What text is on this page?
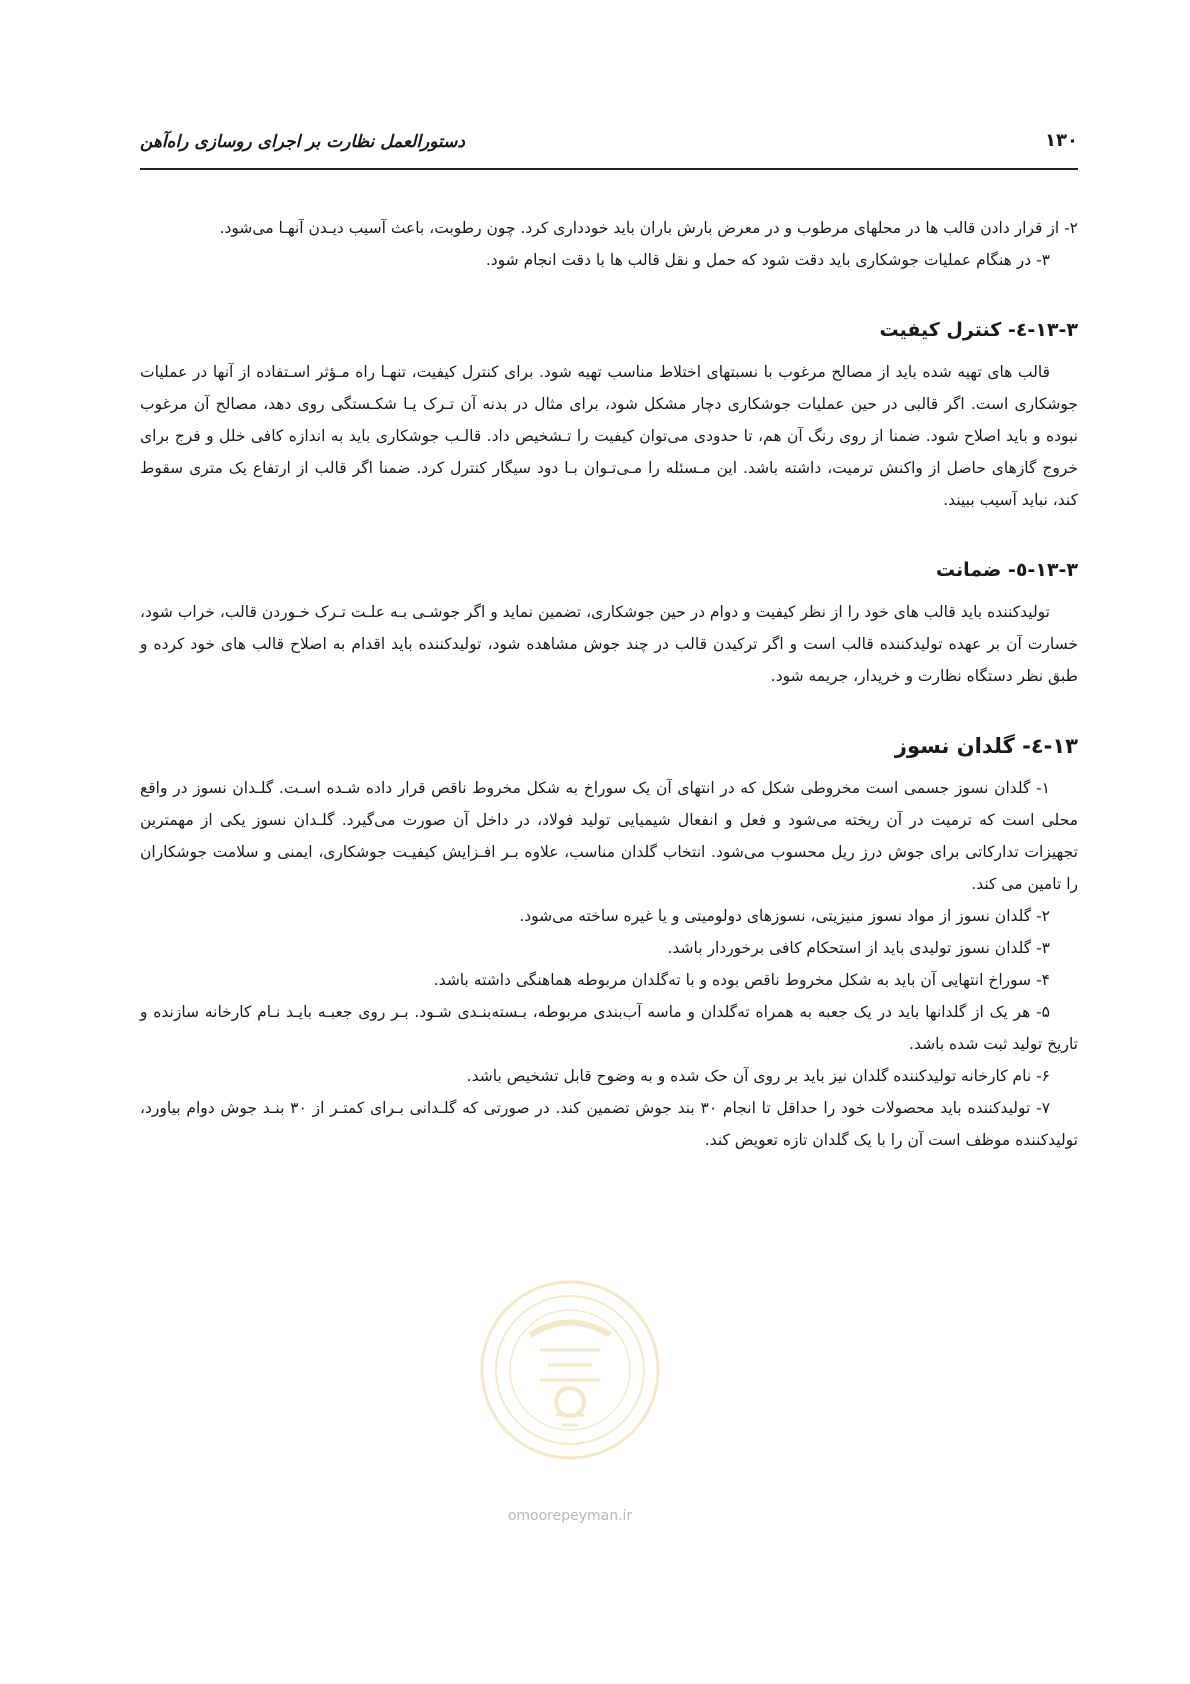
دستورالعمل نظارت بر اجرای روسازی راه‌آهن	۱۳۰

۲- از قرار دادن قالب ها در محلهای مرطوب و در معرض بارش باران باید خودداری کرد. چون رطوبت، باعث آسیب دیـدن آنهـا می‌شود.

۳- در هنگام عملیات جوشکاری باید دقت شود که حمل و نقل قالب ها با دقت انجام شود.

۱۳-۳-٤- کنترل کیفیت

قالب های تهیه شده باید از مصالح مرغوب با نسبتهای اختلاط مناسب تهیه شود. برای کنترل کیفیت، تنهـا راه مـؤثر اسـتفاده از آنها در عملیات جوشکاری است. اگر قالبی در حین عملیات جوشکاری دچار مشکل شود، برای مثال در بدنه آن تـرک یـا شکـستگی روی دهد، مصالح آن مرغوب نبوده و باید اصلاح شود. ضمنا از روی رنگ آن هم، تا حدودی می‌توان کیفیت را تـشخیص داد. قالـب جوشکاری باید به اندازه کافی خلل و فرج برای خروج گازهای حاصل از واکنش ترمیت، داشته باشد. این مـسئله را مـی‌تـوان بـا دود سیگار کنترل کرد. ضمنا اگر قالب از ارتفاع یک متری سقوط کند، نباید آسیب ببیند.

۱۳-۳-٥- ضمانت

تولیدکننده باید قالب های خود را از نظر کیفیت و دوام در حین جوشکاری، تضمین نماید و اگر جوشـی بـه علـت تـرک خـوردن قالب، خراب شود، خسارت آن بر عهده تولیدکننده قالب است و اگر ترکیدن قالب در چند جوش مشاهده شود، تولیدکننده باید اقدام به اصلاح قالب های خود کرده و طبق نظر دستگاه نظارت و خریدار، جریمه شود.

۱۳-٤- گلدان نسوز

۱- گلدان نسوز جسمی است مخروطی شکل که در انتهای آن یک سوراخ به شکل مخروط ناقص قرار داده شـده اسـت. گلـدان نسوز در واقع محلی است که ترمیت در آن ریخته می‌شود و فعل و انفعال شیمیایی تولید فولاد، در داخل آن صورت می‌گیرد. گلـدان نسوز یکی از مهمترین تجهیزات تدارکاتی برای جوش درز ریل محسوب می‌شود. انتخاب گلدان مناسب، علاوه بـر افـزایش کیفیـت جوشکاری، ایمنی و سلامت جوشکاران را تامین می کند.

۲- گلدان نسوز از مواد نسوز منیزیتی، نسوزهای دولومیتی و یا غیره ساخته می‌شود.

۳- گلدان نسوز تولیدی باید از استحکام کافی برخوردار باشد.

۴- سوراخ انتهایی آن باید به شکل مخروط ناقص بوده و با ته‌گلدان مربوطه هماهنگی داشته باشد.

۵- هر یک از گلدانها باید در یک جعبه به همراه ته‌گلدان و ماسه آب‌بندی مربوطه، بـسته‌بنـدی شـود. بـر روی جعبـه بایـد نـام کارخانه سازنده و تاریخ تولید ثبت شده باشد.

۶- نام کارخانه تولیدکننده گلدان نیز باید بر روی آن حک شده و به وضوح قابل تشخیص باشد.

۷- تولیدکننده باید محصولات خود را حداقل تا انجام ۳۰ بند جوش تضمین کند. در صورتی که گلـدانی بـرای کمتـر از ۳۰ بنـد جوش دوام بیاورد، تولیدکننده موظف است آن را با یک گلدان تازه تعویض کند.

omoorepeyman.ir
